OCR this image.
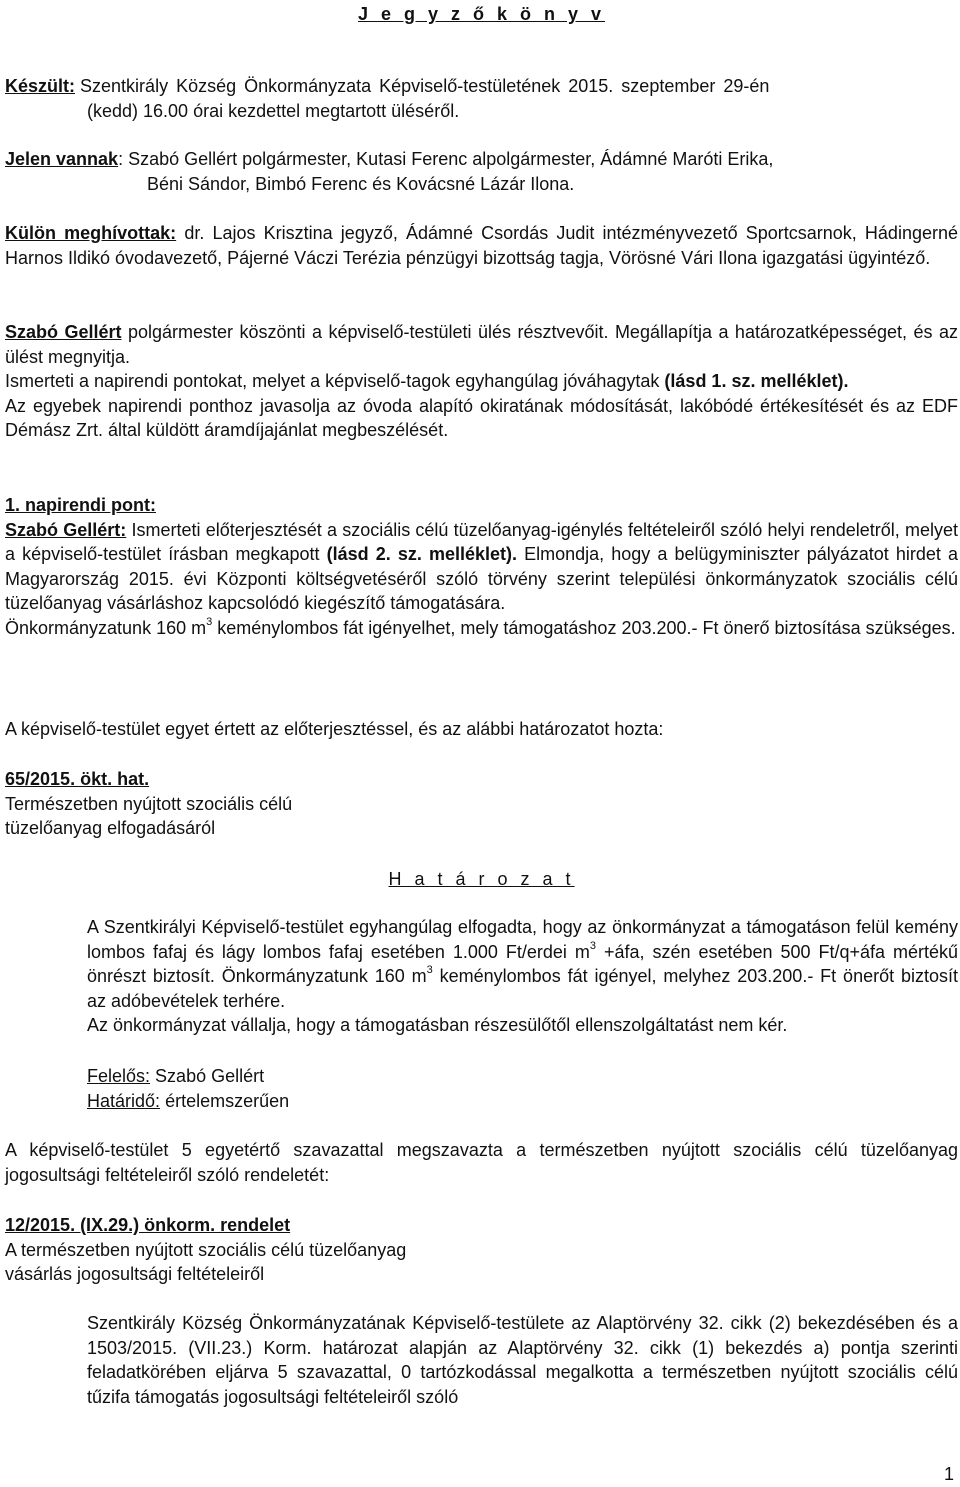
J e g y z ő k ö n y v
Készült: Szentkirály Község Önkormányzata Képviselő-testületének 2015. szeptember 29-én
(kedd) 16.00 órai kezdettel megtartott üléséről.
Jelen vannak: Szabó Gellért polgármester, Kutasi Ferenc alpolgármester, Ádámné Maróti Erika,
Béni Sándor, Bimbó Ferenc és Kovácsné Lázár Ilona.

Külön meghívottak: dr. Lajos Krisztina jegyző, Ádámné Csordás Judit intézményvezető Sportcsarnok, Hádingerné Harnos Ildikó óvodavezető, Pájerné Váczi Terézia pénzügyi bizottság tagja, Vörösné Vári Ilona igazgatási ügyintéző.

Szabó Gellért polgármester köszönti a képviselő-testületi ülés résztvevőit. Megállapítja a határozatképességet, és az ülést megnyitja.

Ismerteti a napirendi pontokat, melyet a képviselő-tagok egyhangúlag jóváhagytak (lásd 1. sz. melléklet).

Az egyebek napirendi ponthoz javasolja az óvoda alapító okiratának módosítását, lakóbódé értékesítését és az EDF Démász Zrt. által küldött áramdíjajánlat megbeszélését.

1. napirendi pont:

Szabó Gellért: Ismerteti előterjesztését a szociális célú tüzelőanyag-igénylés feltételeiről szóló helyi rendeletről, melyet a képviselő-testület írásban megkapott (lásd 2. sz. melléklet). Elmondja, hogy a belügyminiszter pályázatot hirdet a Magyarország 2015. évi Központi költségvetéséről szóló törvény szerint települési önkormányzatok szociális célú tüzelőanyag vásárláshoz kapcsolódó kiegészítő támogatására.

Önkormányzatunk 160 $m^3$ keménylombos fát igényelhet, mely támogatáshoz 203.200.- Ft önerő biztosítása szükséges.

A képviselő-testület egyet értett az előterjesztéssel, és az alábbi határozatot hozta:
65/2015. ökt. hat.
Természetben nyújtott szociális célú
tüzelőanyag elfogadásáról
H a t á r o z a t

A Szentkirályi Képviselő-testület egyhangúlag elfogadta, hogy az önkormányzat a támogatáson felül kemény lombos fafaj és lágy lombos fafaj esetében 1.000 Ft/erdei $m^3$ +áfa, szén esetében 500 Ft/q+áfa mértékű önrészt biztosít. Önkormányzatunk 160 $m^3$ keménylombos fát igényel, melyhez 203.200.- Ft önerőt biztosít az adóbevételek terhére.

Az önkormányzat vállalja, hogy a támogatásban részesülőtől ellenszolgáltatást nem kér.

Felelős: Szabó Gellért
Határidő: értelemszerűen

A képviselő-testület 5 egyetértő szavazattal megszavazta a természetben nyújtott szociális célú tüzelőanyag jogosultsági feltételeiről szóló rendeletét:

12/2015. (IX.29.) önkorm. rendelet
A természetben nyújtott szociális célú tüzelőanyag
vásárlás jogosultsági feltételeiről

Szentkirály Község Önkormányzatának Képviselő-testülete az Alaptörvény 32. cikk (2) bekezdésében és a 1503/2015. (VII.23.) Korm. határozat alapján az Alaptörvény 32. cikk (1) bekezdés a) pontja szerinti feladatkörében eljárva 5 szavazattal, 0 tartózkodással megalkotta a természetben nyújtott szociális célú tűzifa támogatás jogosultsági feltételeiről szóló

1
